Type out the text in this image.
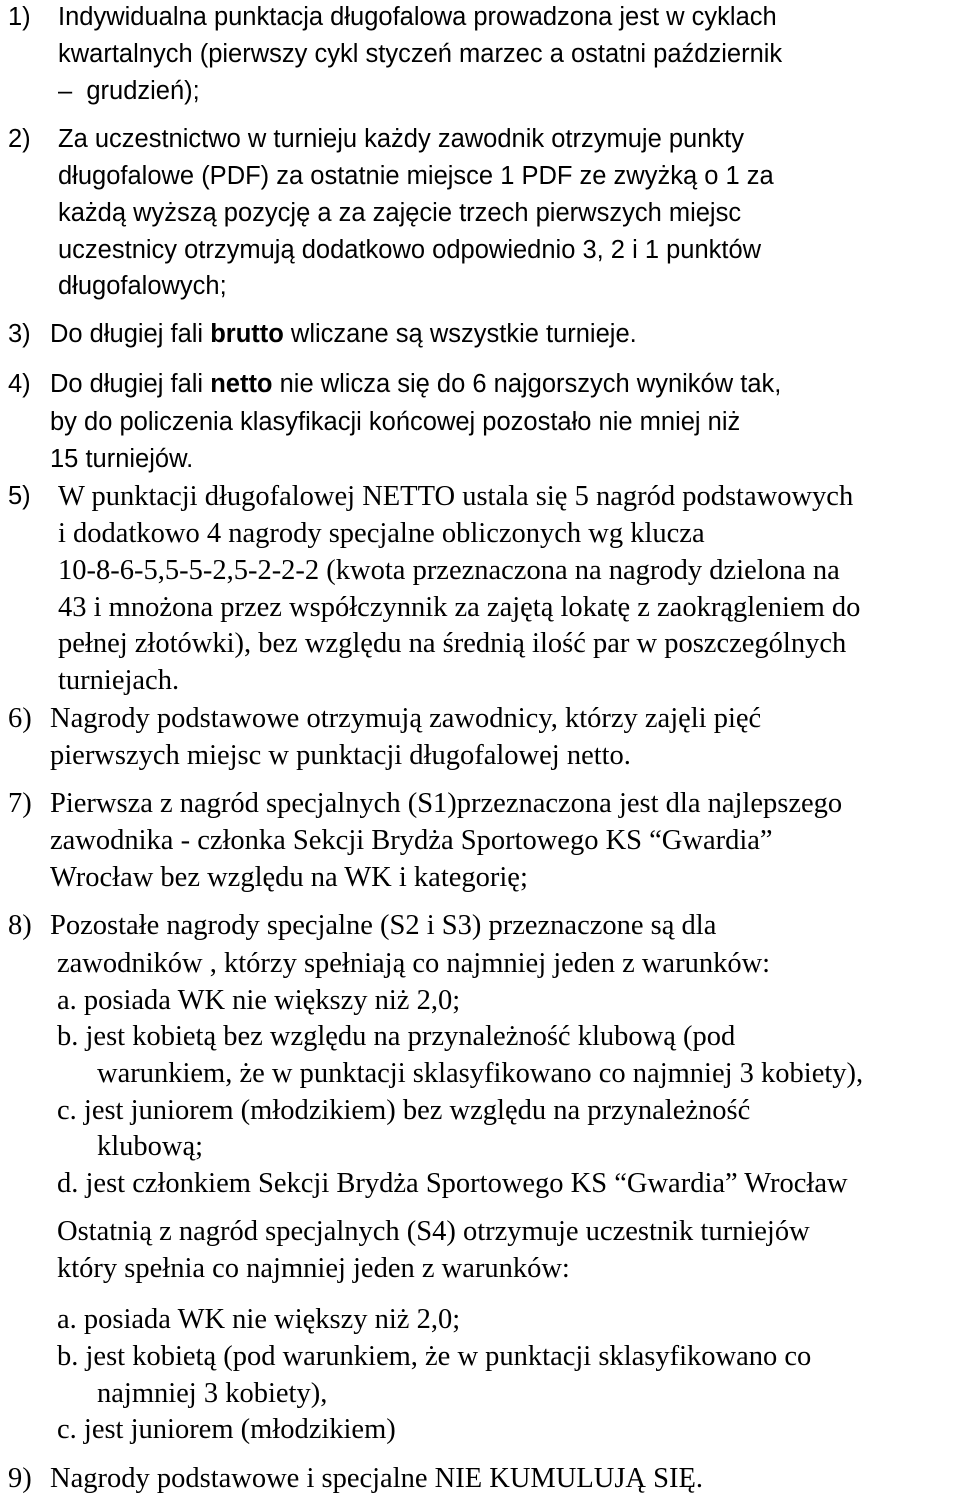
1) Indywidualna punktacja długofalowa prowadzona jest w cyklach
kwartalnych (pierwszy cykl styczeń marzec a ostatni październik
–  grudzień);
2) Za uczestnictwo w turnieju każdy zawodnik otrzymuje punkty
długofalowe (PDF) za ostatnie miejsce 1 PDF ze zwyżką o 1 za
każdą wyższą pozycję a za zajęcie trzech pierwszych miejsc
uczestnicy otrzymują dodatkowo odpowiednio 3, 2 i 1 punktów
długofalowych;
3) Do długiej fali brutto wliczane są wszystkie turnieje.
4) Do długiej fali netto nie wlicza się do 6 najgorszych wyników tak,
by do policzenia klasyfikacji końcowej pozostało nie mniej niż
15 turniejów.
5) W punktacji długofalowej NETTO ustala się 5 nagród podstawowych
i dodatkowo 4 nagrody specjalne obliczonych wg klucza
10-8-6-5,5-5-2,5-2-2-2 (kwota przeznaczona na nagrody dzielona na
43 i mnożona przez współczynnik za zajętą lokatę z zaokrągleniem do
pełnej złotówki), bez względu na średnią ilość par w poszczególnych
turniejach.
6) Nagrody podstawowe otrzymują zawodnicy, którzy zajęli pięć
pierwszych miejsc w punktacji długofalowej netto.
7) Pierwsza z nagród specjalnych (S1)przeznaczona jest dla najlepszego
zawodnika - członka Sekcji Brydża Sportowego KS “Gwardia”
Wrocław bez względu na WK i kategorię;
8) Pozostałe nagrody specjalne (S2 i S3) przeznaczone są dla
zawodników , którzy spełniają co najmniej jeden z warunków:
a. posiada WK nie większy niż 2,0;
b. jest kobietą bez względu na przynależność klubową (pod
warunkiem, że w punktacji sklasyfikowano co najmniej 3 kobiety),
c. jest juniorem (młodzikiem) bez względu na przynależność
klubową;
d. jest członkiem Sekcji Brydża Sportowego KS “Gwardia” Wrocław
Ostatnią z nagród specjalnych (S4) otrzymuje uczestnik turniejów
który spełnia co najmniej jeden z warunków:
a. posiada WK nie większy niż 2,0;
b. jest kobietą (pod warunkiem, że w punktacji sklasyfikowano co
najmniej 3 kobiety),
c. jest juniorem (młodzikiem)
9) Nagrody podstawowe i specjalne NIE KUMULUJĄ SIĘ.
